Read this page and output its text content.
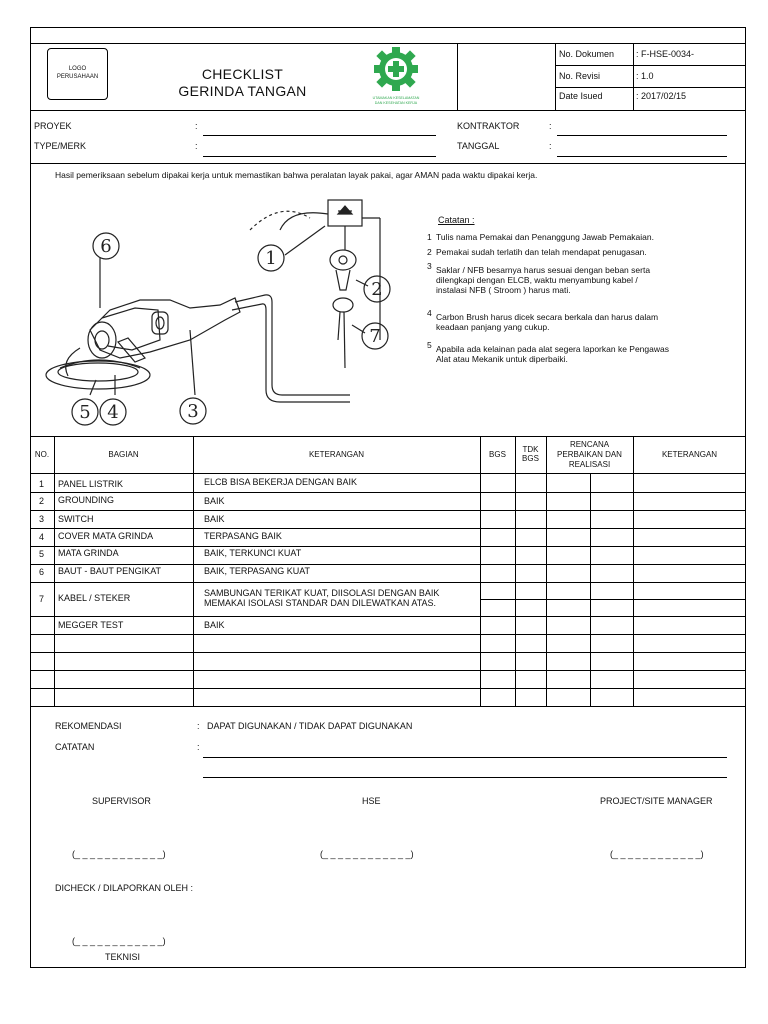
LOGO
PERUSAHAAN	CHECKLIST
GERINDA TANGAN	UTAMAKAN KESELAMATAN
DAN KESEHATAN KERJA
No. Dokumen : F-HSE-0034-
No. Revisi	: 1.0
Date Isued	: 2017/02/15
PROYEK	:
TYPE/MERK	:
KONTRAKTOR	:
TANGGAL	:
Hasil pemeriksaan sebelum dipakai kerja untuk memastikan bahwa peralatan layak pakai, agar AMAN pada waktu dipakai kerja.
6
1
2
7
5 4	3
Catatan :
1 Tulis nama Pemakai dan Penanggung Jawab Pemakaian.
2 Pemakai sudah terlatih dan telah mendapat penugasan.
3 Saklar / NFB besarnya harus sesuai dengan beban serta
dilengkapi dengan ELCB, waktu menyambung kabel /
instalasi NFB ( Stroom ) harus mati.
4 Carbon Brush harus dicek secara berkala dan harus dalam
keadaan panjang yang cukup.
5 Apabila ada kelainan pada alat segera laporkan ke Pengawas
Alat atau Mekanik untuk diperbaiki.
NO.	BAGIAN	KETERANGAN	BGS
TDK
BGS
RENCANA
PERBAIKAN DAN
REALISASI
KETERANGAN
1 PANEL LISTRIK	ELCB BISA BEKERJA DENGAN BAIK
2 GROUNDING	BAIK
3 SWITCH	BAIK
4 COVER MATA GRINDA	TERPASANG BAIK
5 MATA GRINDA	BAIK, TERKUNCI KUAT
6 BAUT - BAUT PENGIKAT	BAIK, TERPASANG KUAT
7 KABEL / STEKER	SAMBUNGAN TERIKAT KUAT, DIISOLASI DENGAN BAIK
MEMAKAI ISOLASI STANDAR DAN DILEWATKAN ATAS.
MEGGER TEST	BAIK
REKOMENDASI	: DAPAT DIGUNAKAN / TIDAK DAPAT DIGUNAKAN
CATATAN	:
SUPERVISOR	HSE	PROJECT/SITE MANAGER
(_ _ _ _ _ _ _ _ _ _ _ _)	(_ _ _ _ _ _ _ _ _ _ _ _)	(_ _ _ _ _ _ _ _ _ _ _ _)
DICHECK / DILAPORKAN OLEH :
(_ _ _ _ _ _ _ _ _ _ _ _)
TEKNISI
